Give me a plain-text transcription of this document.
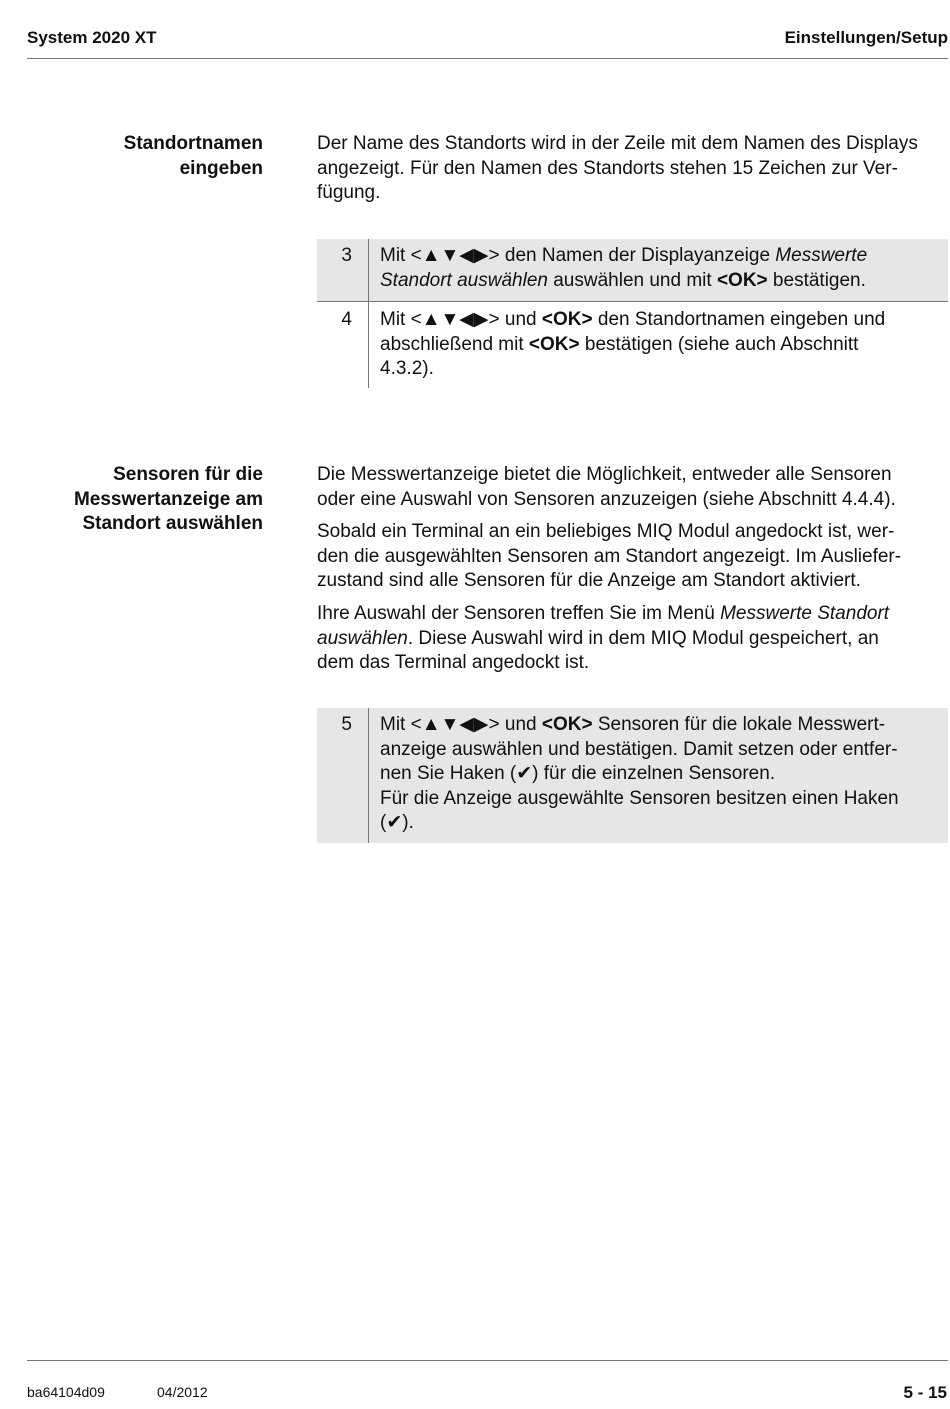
System 2020 XT	Einstellungen/Setup
Standortnamen
eingeben
Der Name des Standorts wird in der Zeile mit dem Namen des Displays
angezeigt. Für den Namen des Standorts stehen 15 Zeichen zur Ver-
fügung.
3 Mit <▲▼◀▶> den Namen der Displayanzeige Messwerte
Standort auswählen auswählen und mit <OK> bestätigen.
4 Mit <▲▼◀▶> und <OK> den Standortnamen eingeben und
abschließend mit <OK> bestätigen (siehe auch Abschnitt
4.3.2).
Sensoren für die
Messwertanzeige am
Standort auswählen
Die Messwertanzeige bietet die Möglichkeit, entweder alle Sensoren
oder eine Auswahl von Sensoren anzuzeigen (siehe Abschnitt 4.4.4).
Sobald ein Terminal an ein beliebiges MIQ Modul angedockt ist, wer-
den die ausgewählten Sensoren am Standort angezeigt. Im Ausliefer-
zustand sind alle Sensoren für die Anzeige am Standort aktiviert.
Ihre Auswahl der Sensoren treffen Sie im Menü Messwerte Standort
auswählen. Diese Auswahl wird in dem MIQ Modul gespeichert, an
dem das Terminal angedockt ist.
5 Mit <▲▼◀▶> und <OK> Sensoren für die lokale Messwert-
anzeige auswählen und bestätigen. Damit setzen oder entfer-
nen Sie Haken (✔) für die einzelnen Sensoren.
Für die Anzeige ausgewählte Sensoren besitzen einen Haken
(✔).
ba64104d09	04/2012	5 - 15
